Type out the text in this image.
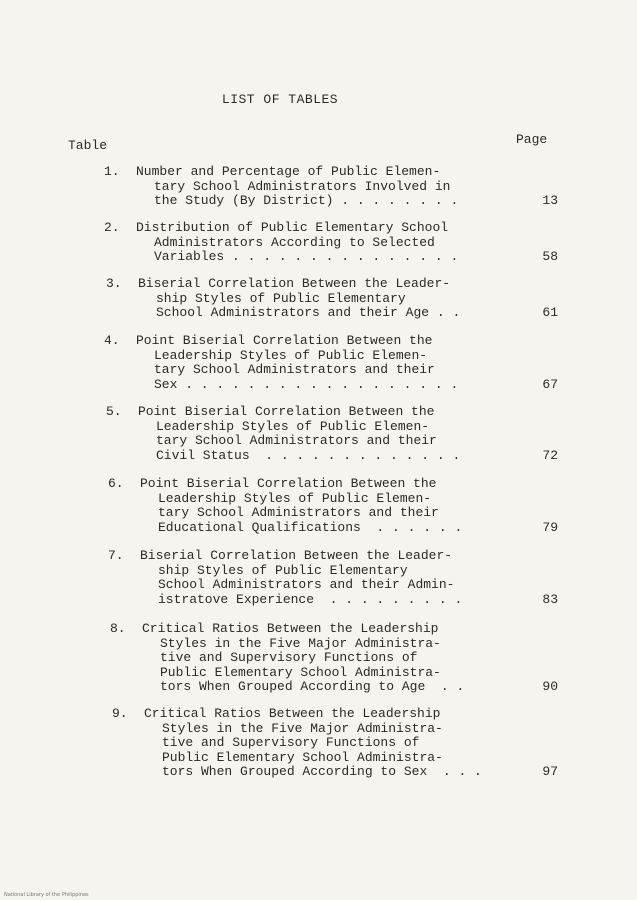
LIST OF TABLES
Table	Page
1.	Number and Percentage of Public Elemen-
tary School Administrators Involved in
the Study (By District) . . . . . . . .	13
2.	Distribution of Public Elementary School
Administrators According to Selected
Variables . . . . . . . . . . . . . . .	58
3.	Biserial Correlation Between the Leader-
ship Styles of Public Elementary
School Administrators and their Age . .	61
4.	Point Biserial Correlation Between the
Leadership Styles of Public Elemen-
tary School Administrators and their
Sex . . . . . . . . . . . . . . . . . .	67
5.	Point Biserial Correlation Between the
Leadership Styles of Public Elemen-
tary School Administrators and their
Civil Status  . . . . . . . . . . . . .	72
6.	Point Biserial Correlation Between the
Leadership Styles of Public Elemen-
tary School Administrators and their
Educational Qualifications  . . . . . .	79
7.	Biserial Correlation Between the Leader-
ship Styles of Public Elementary
School Administrators and their Admin-
istratove Experience  . . . . . . . . .	83
8.	Critical Ratios Between the Leadership
Styles in the Five Major Administra-
tive and Supervisory Functions of
Public Elementary School Administra-
tors When Grouped According to Age  . .	90
9.	Critical Ratios Between the Leadership
Styles in the Five Major Administra-
tive and Supervisory Functions of
Public Elementary School Administra-
tors When Grouped According to Sex  . . .	97
National Library of the Philippines
